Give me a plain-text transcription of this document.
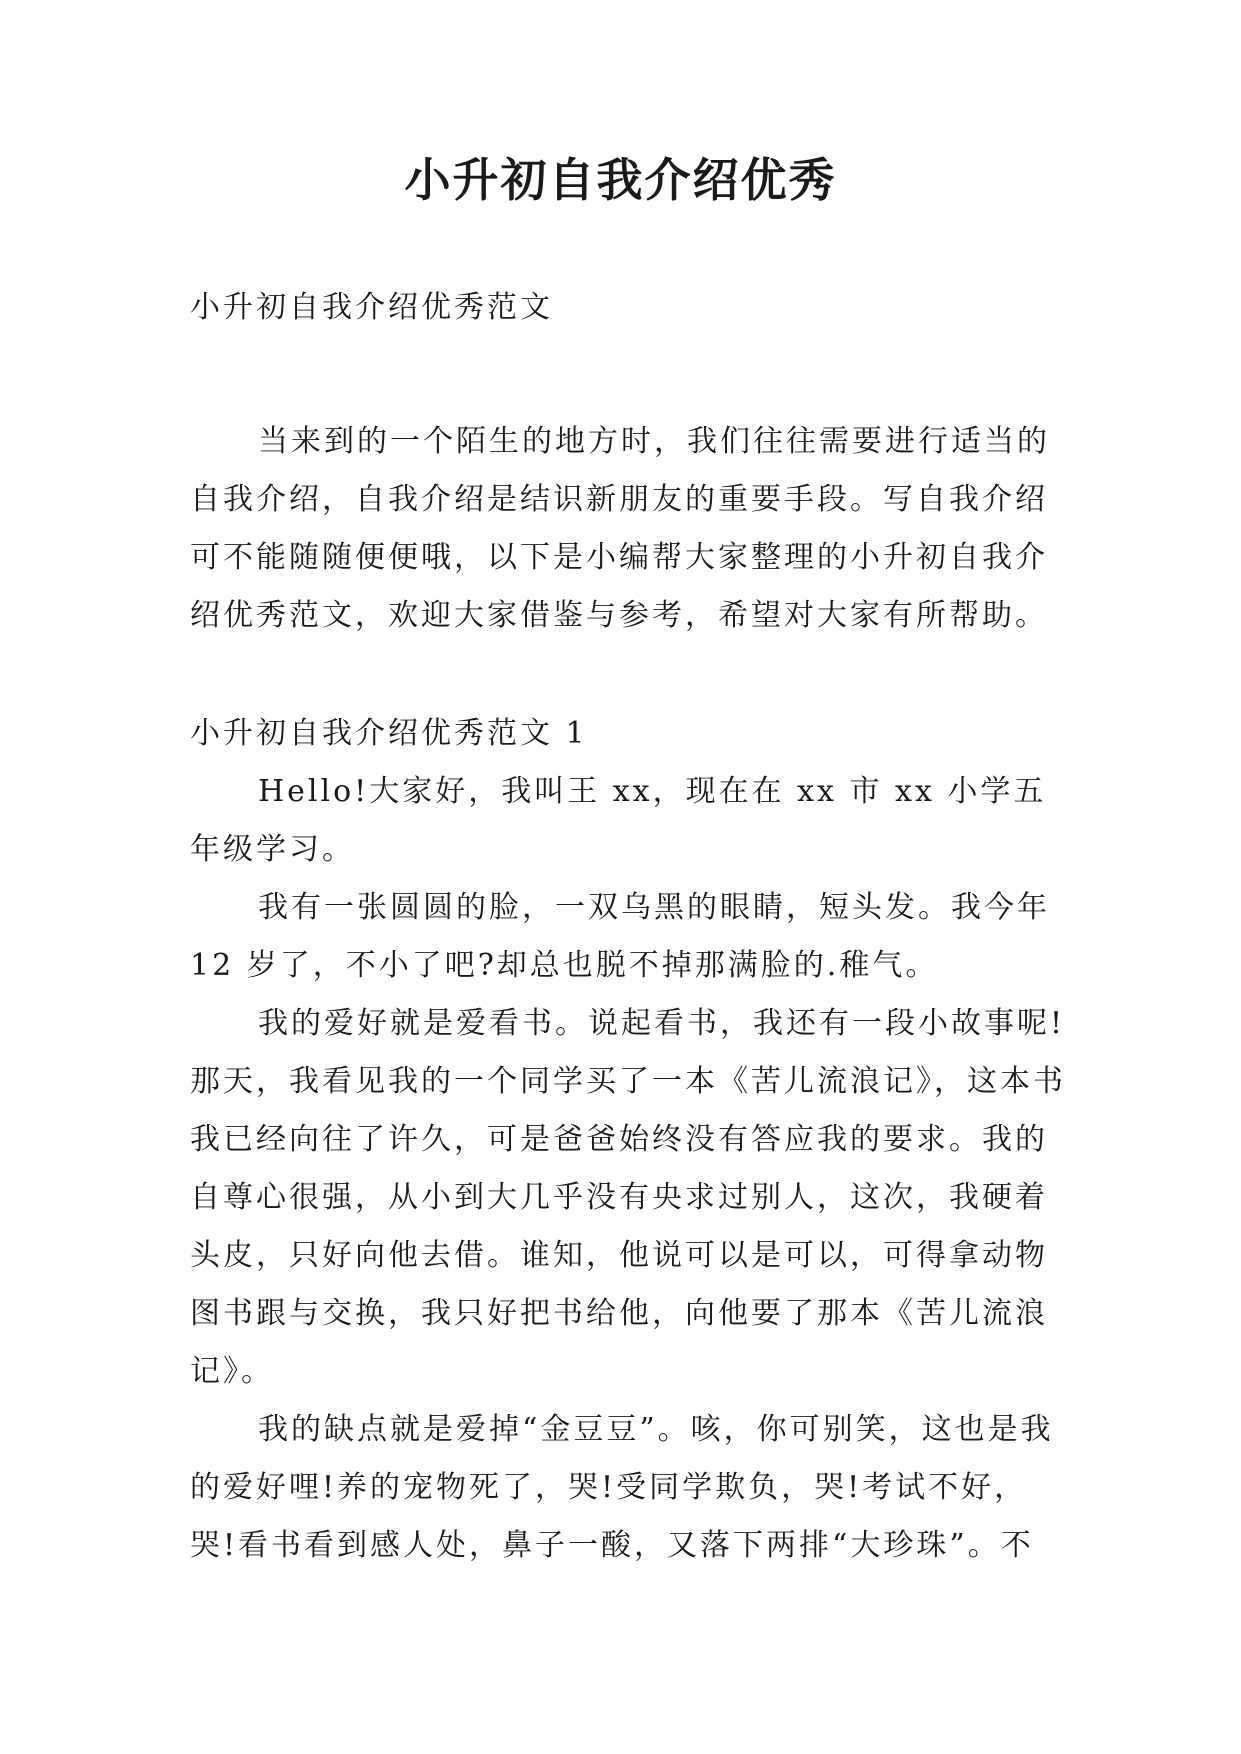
小升初自我介绍优秀
小升初自我介绍优秀范文

当来到的一个陌生的地方时，我们往往需要进行适当的自我介绍，自我介绍是结识新朋友的重要手段。写自我介绍可不能随随便便哦，以下是小编帮大家整理的小升初自我介绍优秀范文，欢迎大家借鉴与参考，希望对大家有所帮助。

小升初自我介绍优秀范文 1

Hello!大家好，我叫王 xx，现在在 xx 市 xx 小学五年级学习。

我有一张圆圆的脸，一双乌黑的眼睛，短头发。我今年 12 岁了，不小了吧?却总也脱不掉那满脸的.稚气。

我的爱好就是爱看书。说起看书，我还有一段小故事呢!那天，我看见我的一个同学买了一本《苦儿流浪记》，这本书我已经向往了许久，可是爸爸始终没有答应我的要求。我的自尊心很强，从小到大几乎没有央求过别人，这次，我硬着头皮，只好向他去借。谁知，他说可以是可以，可得拿动物图书跟与交换，我只好把书给他，向他要了那本《苦儿流浪记》。

我的缺点就是爱掉“金豆豆”。咳，你可别笑，这也是我的爱好哩!养的宠物死了，哭!受同学欺负，哭!考试不好，哭!看书看到感人处，鼻子一酸，又落下两排“大珍珠”。不
